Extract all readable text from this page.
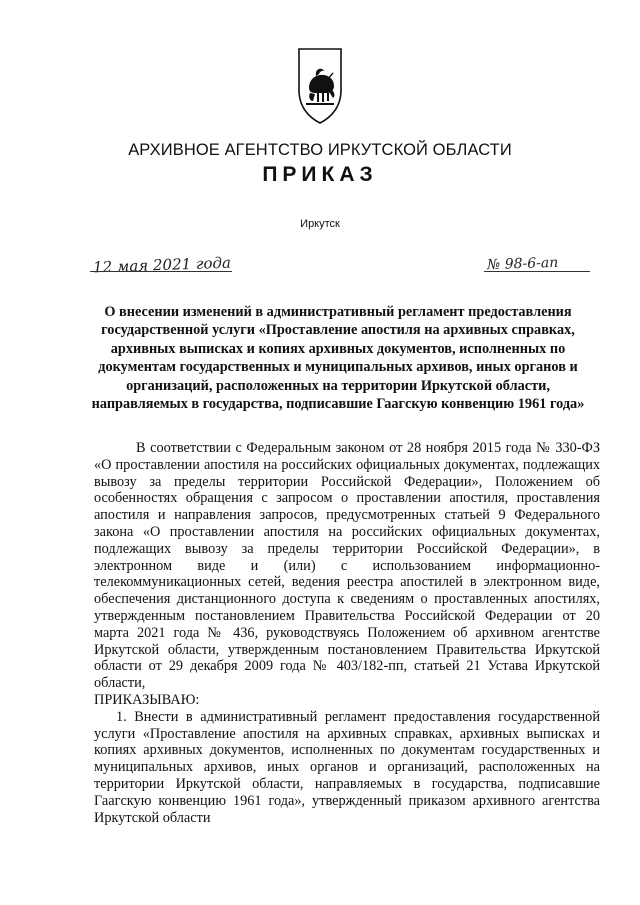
АРХИВНОЕ АГЕНТСТВО ИРКУТСКОЙ ОБЛАСТИ
ПРИКАЗ
Иркутск
12 мая 2021 года	№ 98-6-ап
О внесении изменений в административный регламент предоставления государственной услуги «Проставление апостиля на архивных справках, архивных выписках и копиях архивных документов, исполненных по документам государственных и муниципальных архивов, иных органов и организаций, расположенных на территории Иркутской области, направляемых в государства, подписавшие Гаагскую конвенцию 1961 года»

В соответствии с Федеральным законом от 28 ноября 2015 года № 330-ФЗ «О проставлении апостиля на российских официальных документах, подлежащих вывозу за пределы территории Российской Федерации», Положением об особенностях обращения с запросом о проставлении апостиля, проставления апостиля и направления запросов, предусмотренных статьей 9 Федерального закона «О проставлении апостиля на российских официальных документах, подлежащих вывозу за пределы территории Российской Федерации», в электронном виде и (или) с использованием информационно-телекоммуникационных сетей, ведения реестра апостилей в электронном виде, обеспечения дистанционного доступа к сведениям о проставленных апостилях, утвержденным постановлением Правительства Российской Федерации от 20 марта 2021 года № 436, руководствуясь Положением об архивном агентстве Иркутской области, утвержденным постановлением Правительства Иркутской области от 29 декабря 2009 года № 403/182-пп, статьей 21 Устава Иркутской области,

ПРИКАЗЫВАЮ:

1. Внести в административный регламент предоставления государственной услуги «Проставление апостиля на архивных справках, архивных выписках и копиях архивных документов, исполненных по документам государственных и муниципальных архивов, иных органов и организаций, расположенных на территории Иркутской области, направляемых в государства, подписавшие Гаагскую конвенцию 1961 года», утвержденный приказом архивного агентства Иркутской области
